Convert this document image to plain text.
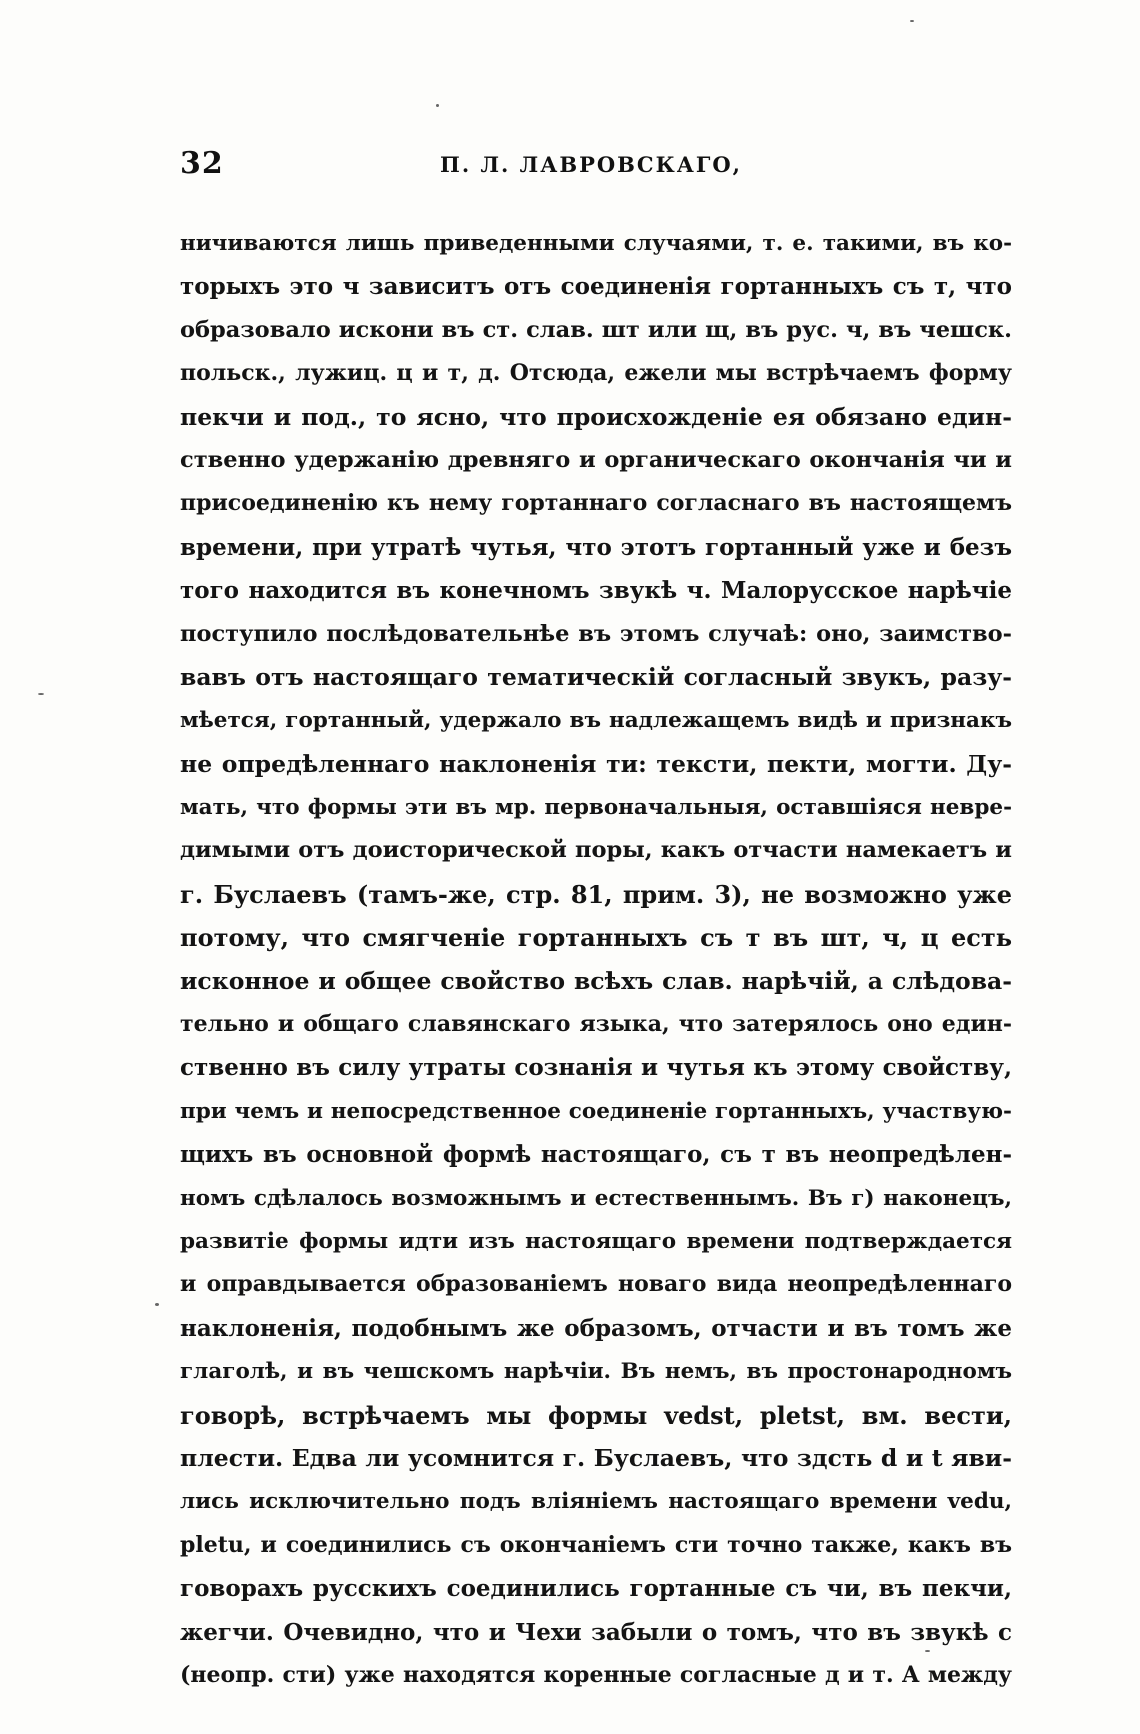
32	П. Л. ЛАВРОВСКАГО,
ничиваются лишь приведенными случаями, т. е. такими, въ ко-
торыхъ это ч зависитъ отъ соединенія гортанныхъ съ т, что
образовало искони въ ст. слав. шт или щ, въ рус. ч, въ чешск.
польск., лужиц. ц и т, д. Отсюда, ежели мы встрѣчаемъ форму
пекчи и под., то ясно, что происхожденіе ея обязано един-
ственно удержанію древняго и органическаго окончанія чи и
присоединенію къ нему гортаннаго согласнаго въ настоящемъ
времени, при утратѣ чутья, что этотъ гортанный уже и безъ
того находится въ конечномъ звукѣ ч. Малорусское нарѣчіе
поступило послѣдовательнѣе въ этомъ случаѣ: оно, заимство-
вавъ отъ настоящаго тематическій согласный звукъ, разу-
мѣется, гортанный, удержало въ надлежащемъ видѣ и признакъ
не опредѣленнаго наклоненія ти: тексти, пекти, могти. Ду-
мать, что формы эти въ мр. первоначальныя, оставшіяся невре-
димыми отъ доисторической поры, какъ отчасти намекаетъ и
г. Буслаевъ (тамъ-же, стр. 81, прим. 3), не возможно уже
потому, что смягченіе гортанныхъ съ т въ шт, ч, ц есть
исконное и общее свойство всѣхъ слав. нарѣчій, а слѣдова-
тельно и общаго славянскаго языка, что затерялось оно един-
ственно въ силу утраты сознанія и чутья къ этому свойству,
при чемъ и непосредственное соединеніе гортанныхъ, участвую-
щихъ въ основной формѣ настоящаго, съ т въ неопредѣлен-
номъ сдѣлалось возможнымъ и естественнымъ. Въ г) наконецъ,
развитіе формы идти изъ настоящаго времени подтверждается
и оправдывается образованіемъ новаго вида неопредѣленнаго
наклоненія, подобнымъ же образомъ, отчасти и въ томъ же
глаголѣ, и въ чешскомъ нарѣчіи. Въ немъ, въ простонародномъ
говорѣ, встрѣчаемъ мы формы vedst, pletst, вм. вести,
плести. Едва ли усомнится г. Буслаевъ, что здсть d и t яви-
лись исключительно подъ вліяніемъ настоящаго времени vedu,
pletu, и соединились съ окончаніемъ сти точно также, какъ въ
говорахъ русскихъ соединились гортанные съ чи, въ пекчи,
жегчи. Очевидно, что и Чехи забыли о томъ, что въ звукѣ с
(неопр. сти) уже находятся коренные согласные д и т. А между
